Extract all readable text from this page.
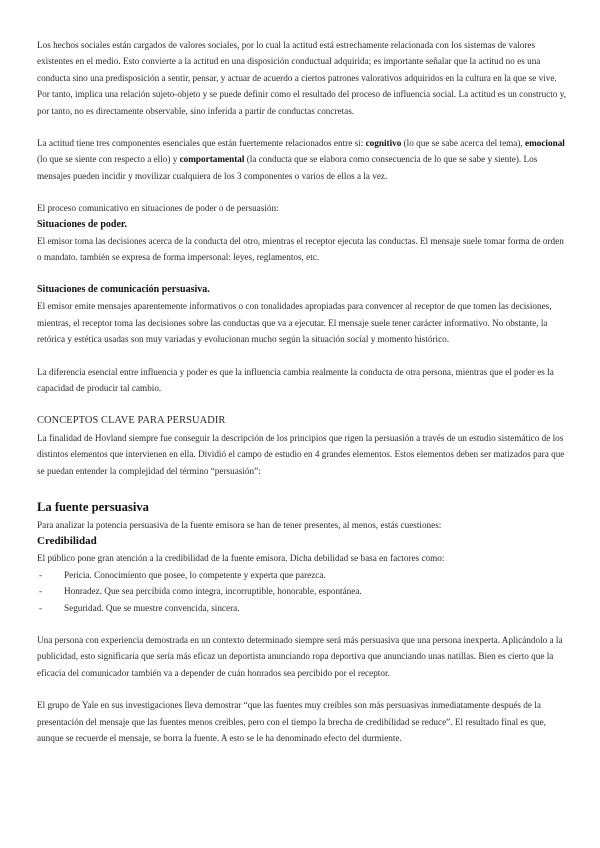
Los hechos sociales están cargados de valores sociales, por lo cual la actitud está estrechamente relacionada con los sistemas de valores existentes en el medio. Esto convierte a la actitud en una disposición conductual adquirida; es importante señalar que la actitud no es una conducta sino una predisposición a sentir, pensar, y actuar de acuerdo a ciertos patrones valorativos adquiridos en la cultura en la que se vive. Por tanto, implica una relación sujeto-objeto y se puede definir como el resultado del proceso de influencia social. La actitud es un constructo y, por tanto, no es directamente observable, sino inferida a partir de conductas concretas.

La actitud tiene tres componentes esenciales que están fuertemente relacionados entre sí: cognitivo (lo que se sabe acerca del tema), emocional (lo que se siente con respecto a ello) y comportamental (la conducta que se elabora como consecuencia de lo que se sabe y siente). Los mensajes pueden incidir y movilizar cualquiera de los 3 componentes o varios de ellos a la vez.

El proceso comunicativo en situaciones de poder o de persuasión:

Situaciones de poder.

El emisor toma las decisiones acerca de la conducta del otro, mientras el receptor ejecuta las conductas. El mensaje suele tomar forma de orden o mandato. también se expresa de forma impersonal: leyes, reglamentos, etc.

Situaciones de comunicación persuasiva.

El emisor emite mensajes aparentemente informativos o con tonalidades apropiadas para convencer al receptor de que tomen las decisiones, mientras, el receptor toma las decisiones sobre las conductas que va a ejecutar. El mensaje suele tener carácter informativo. No obstante, la retórica y estética usadas son muy variadas y evolucionan mucho según la situación social y momento histórico.

La diferencia esencial entre influencia y poder es que la influencia cambia realmente la conducta de otra persona, mientras que el poder es la capacidad de producir tal cambio.

CONCEPTOS CLAVE PARA PERSUADIR

La finalidad de Hovland siempre fue conseguir la descripción de los principios que rigen la persuasión a través de un estudio sistemático de los distintos elementos que intervienen en ella. Dividió el campo de estudio en 4 grandes elementos. Estos elementos deben ser matizados para que se puedan entender la complejidad del término “persuasión”:

La fuente persuasiva

Para analizar la potencia persuasiva de la fuente emisora se han de tener presentes, al menos, estás cuestiones:

Credibilidad

El público pone gran atención a la credibilidad de la fuente emisora. Dicha debilidad se basa en factores como:

- Pericia. Conocimiento que posee, lo competente y experta que parezca.
- Honradez. Que sea percibida como íntegra, incorruptible, honorable, espontánea.
- Seguridad. Que se muestre convencida, sincera.

Una persona con experiencia demostrada en un contexto determinado siempre será más persuasiva que una persona inexperta. Aplicándolo a la publicidad, esto significaría que sería más eficaz un deportista anunciando ropa deportiva que anunciando unas natillas. Bien es cierto que la eficacia del comunicador también va a depender de cuán honrados sea percibido por el receptor.

El grupo de Yale en sus investigaciones lleva demostrar “que las fuentes muy creíbles son más persuasivas inmediatamente después de la presentación del mensaje que las fuentes menos creíbles, pero con el tiempo la brecha de credibilidad se reduce”. El resultado final es que, aunque se recuerde el mensaje, se borra la fuente. A esto se le ha denominado efecto del durmiente.
